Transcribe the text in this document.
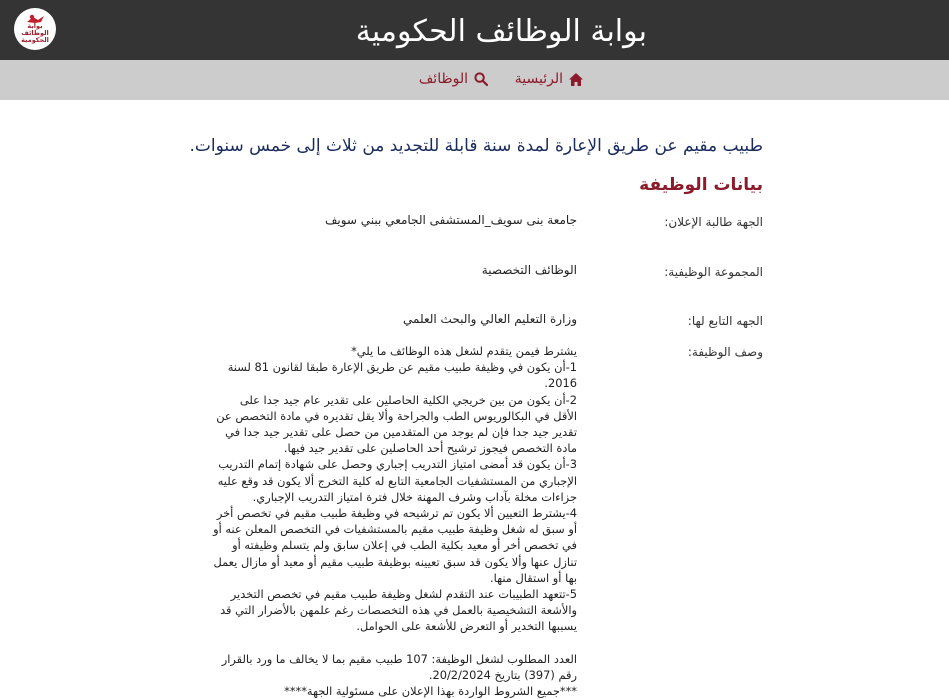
بوابة الوظائف الحكومية
بوابة
الوظائف
الحكومية
الرئيسية
الوظائف
طبيب مقيم عن طريق الإعارة لمدة سنة قابلة للتجديد من ثلاث إلى خمس سنوات.
بيانات الوظيفة
الجهة طالبة الإعلان:
جامعة بنى سويف_المستشفى الجامعي ببني سويف
المجموعة الوظيفية:
الوظائف التخصصية
الجهه التابع لها:
وزارة التعليم العالي والبحث العلمي
وصف الوظيفة:

يشترط فيمن يتقدم لشغل هذه الوظائف ما يلي*

1-أن يكون في وظيفة طبيب مقيم عن طريق الإعارة طبقا لقانون 81 لسنة 2016.

2-أن يكون من بين خريجي الكلية الحاصلين على تقدير عام جيد جدا على الأقل في البكالوريوس الطب والجراحة وألا يقل تقديره في مادة التخصص عن تقدير جيد جدا فإن لم يوجد من المتقدمين من حصل على تقدير جيد جدا في مادة التخصص فيجوز ترشيح أحد الحاصلين على تقدير جيد فيها.

3-أن يكون قد أمضى امتياز التدريب إجباري وحصل على شهادة إتمام التدريب الإجباري من المستشفيات الجامعية التابع له كلية التخرج ألا يكون قد وقع عليه جزاءات مخلة بآداب وشرف المهنة خلال فترة امتياز التدريب الإجباري.

4-يشترط التعيين ألا يكون تم ترشيحه في وظيفة طبيب مقيم في تخصص أخر أو سبق له شغل وظيفة طبيب مقيم بالمستشفيات في التخصص المعلن عنه أو في تخصص أخر أو معيد بكلية الطب في إعلان سابق ولم يتسلم وظيفته أو تنازل عنها وألا يكون قد سبق تعيينه بوظيفة طبيب مقيم أو معيد أو مازال يعمل بها أو استقال منها.

5-تتعهد الطبيبات عند التقدم لشغل وظيفة طبيب مقيم في تخصص التخدير والأشعة التشخيصية بالعمل في هذه التخصصات رغم علمهن بالأضرار التي قد يسببها التخدير أو التعرض للأشعة على الحوامل.

العدد المطلوب لشغل الوظيفة: 107 طبيب مقيم بما لا يخالف ما ورد بالقرار رقم (397) بتاريخ 20/2/2024.

***جميع الشروط الواردة بهذا الإعلان على مسئولية الجهة****
